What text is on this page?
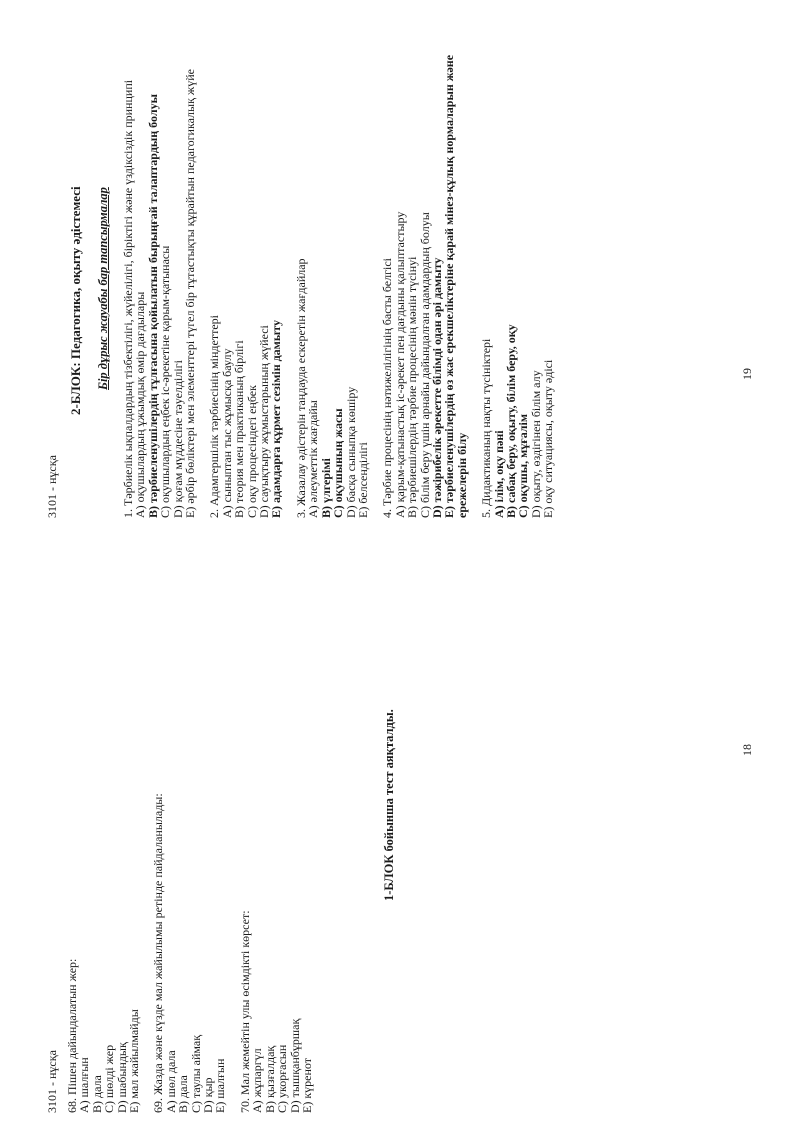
3101 - нұсқа 68. Пішен дайындалатын жер:
А) шалғын
В) дала
С) шөлді жер
D) шабындық
Е) мал жайылмайды 69. Жазда және күзде мал жайылымы ретінде пайдаланылады:
А) шөл дала
В) дала
С) таулы аймақ
D) қыр
Е) шалғын 70. Мал жемейтін улы өсімдікті көрсет:
А) жұпаргүл
В) қызғалдақ
С) укорғасын
D) тышқанбұршақ
Е) күренот
1-БЛОК бойынша тест аяқталды.	18
3101 - нұсқа
2-БЛОК: Педагогика, оқыту әдістемесі Бір дұрыс жауабы бар тапсырмалар 1. Тәрбиелік ықпалдардың тізбектілігі, жүйелілігі, біріктігі және үздіксіздік принципі
А) оқушылардың ұжымдық өмір дағдылары
В) тәрбиеленушілердің тұлғасына қойылатын бырыңғай талаптардың болуы
С) оқушылардың еңбек іс-әрекетіне қарым-қатынасы
D) қоғам мүддесіне тәуелділігі
Е) әрбір бөліктері мен элементтері түгел бір тұтастықты құрайтын педагогикалық жүйе 2. Адамгершілік тәрбиесінің міндеттері
А) сыныптан тыс жұмысқа баулу
В) теория мен практиканың бірлігі
С) оқу процесіндегі еңбек
D) сауықтыру жұмыстарының жүйесі
Е) адамдарға құрмет сезімін дамыту 3. Жазалау әдістерін таңдауда ескеретін жағдайлар
А) әлеуметтік жағдайы
В) үлгерімі
С) оқушының жасы
D) басқа сыныпқа көшіру
Е) белсенділігі 4. Тәрбие процесінің нәтижелілігінің басты белгісі
А) қарым-қатынастық іс-әрекет пен дағдыны қалыптастыру
В) тәрбиешілердің тәрбие процесінің мәнін түсінуі
С) білім беру үшін арнайы дайындалған адамдардың болуы
D) тәжірибелік әрекетте білімді одан әрі дамыту
Е) тәрбиеленушілердің өз жас ерекшеліктеріне қарай мінез-құлық нормаларын және ережелерін білу 5. Дидактиканың нақты түсініктері
А) ілім, оқу пәні
В) сабақ беру, оқыту, білім беру, оқу
С) оқушы, мұғалім
D) оқыту, өздігінен білім алу
Е) оқу ситуациясы, оқыту әдісі	19
